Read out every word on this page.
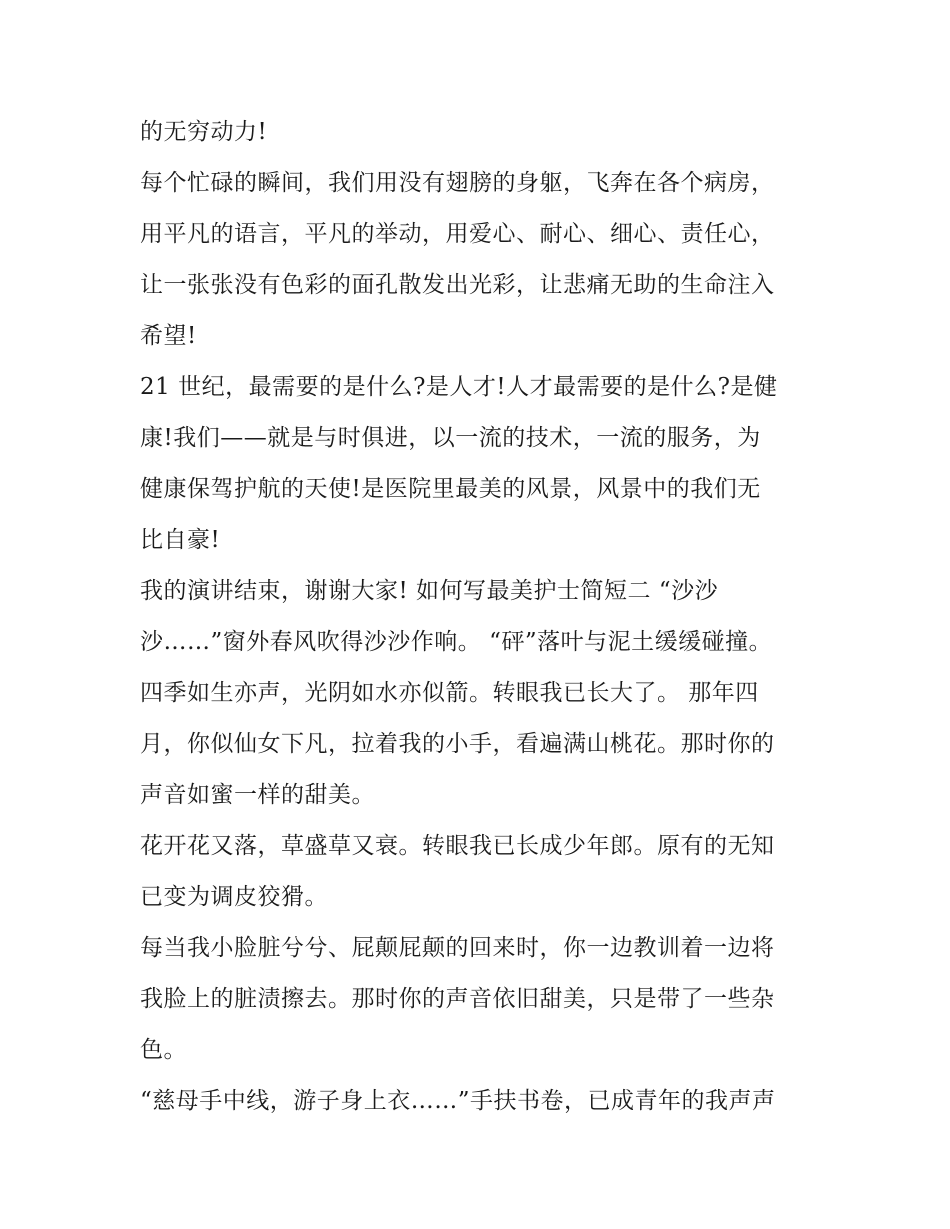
的无穷动力!
每个忙碌的瞬间，我们用没有翅膀的身躯，飞奔在各个病房，
用平凡的语言，平凡的举动，用爱心、耐心、细心、责任心，
让一张张没有色彩的面孔散发出光彩，让悲痛无助的生命注入
希望!
21 世纪，最需要的是什么?是人才!人才最需要的是什么?是健
康!我们——就是与时俱进，以一流的技术，一流的服务，为
健康保驾护航的天使!是医院里最美的风景，风景中的我们无
比自豪!
我的演讲结束，谢谢大家! 如何写最美护士简短二 “沙沙
沙……”窗外春风吹得沙沙作响。 “砰”落叶与泥土缓缓碰撞。
四季如生亦声，光阴如水亦似箭。转眼我已长大了。 那年四
月，你似仙女下凡，拉着我的小手，看遍满山桃花。那时你的
声音如蜜一样的甜美。
花开花又落，草盛草又衰。转眼我已长成少年郎。原有的无知
已变为调皮狡猾。
每当我小脸脏兮兮、屁颠屁颠的回来时，你一边教训着一边将
我脸上的脏渍擦去。那时你的声音依旧甜美，只是带了一些杂
色。
“慈母手中线，游子身上衣……”手扶书卷，已成青年的我声声
